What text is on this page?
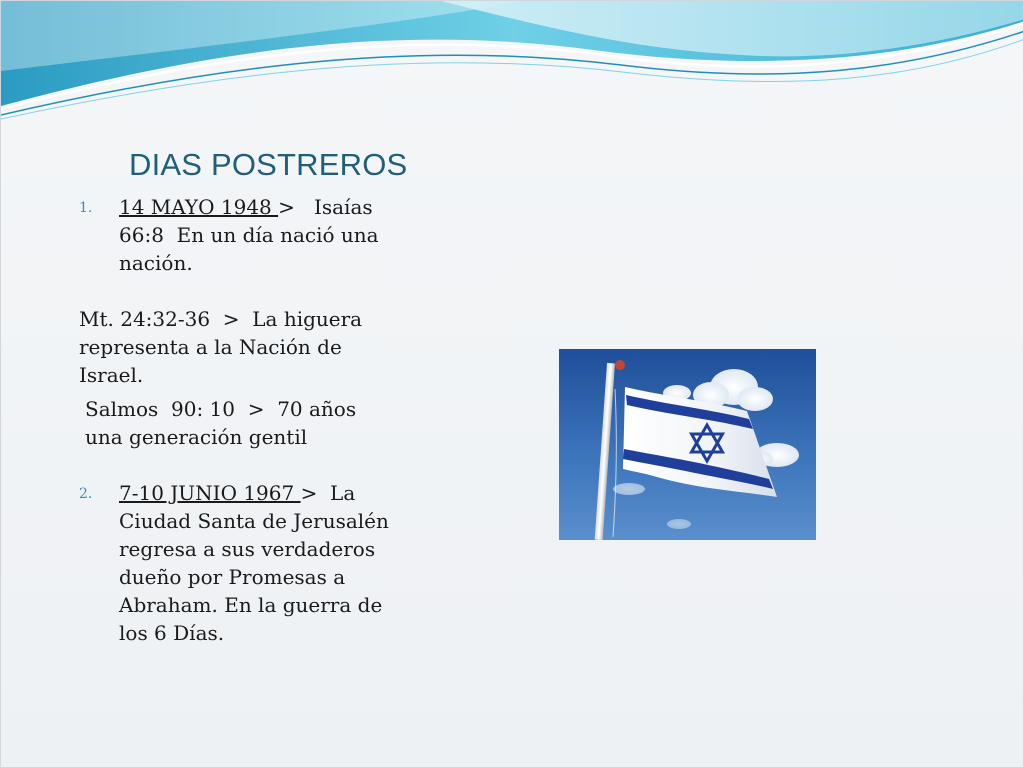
DIAS POSTREROS
1. 14 MAYO 1948 >   Isaías 66:8  En un día nació una nación.

Mt. 24:32-36  >  La higuera representa a la Nación de Israel.

Salmos  90: 10  >  70 años una generación gentil

2. 7-10 JUNIO 1967 >  La Ciudad Santa de Jerusalén regresa a sus verdaderos dueño por Promesas a Abraham. En la guerra de los 6 Días.
